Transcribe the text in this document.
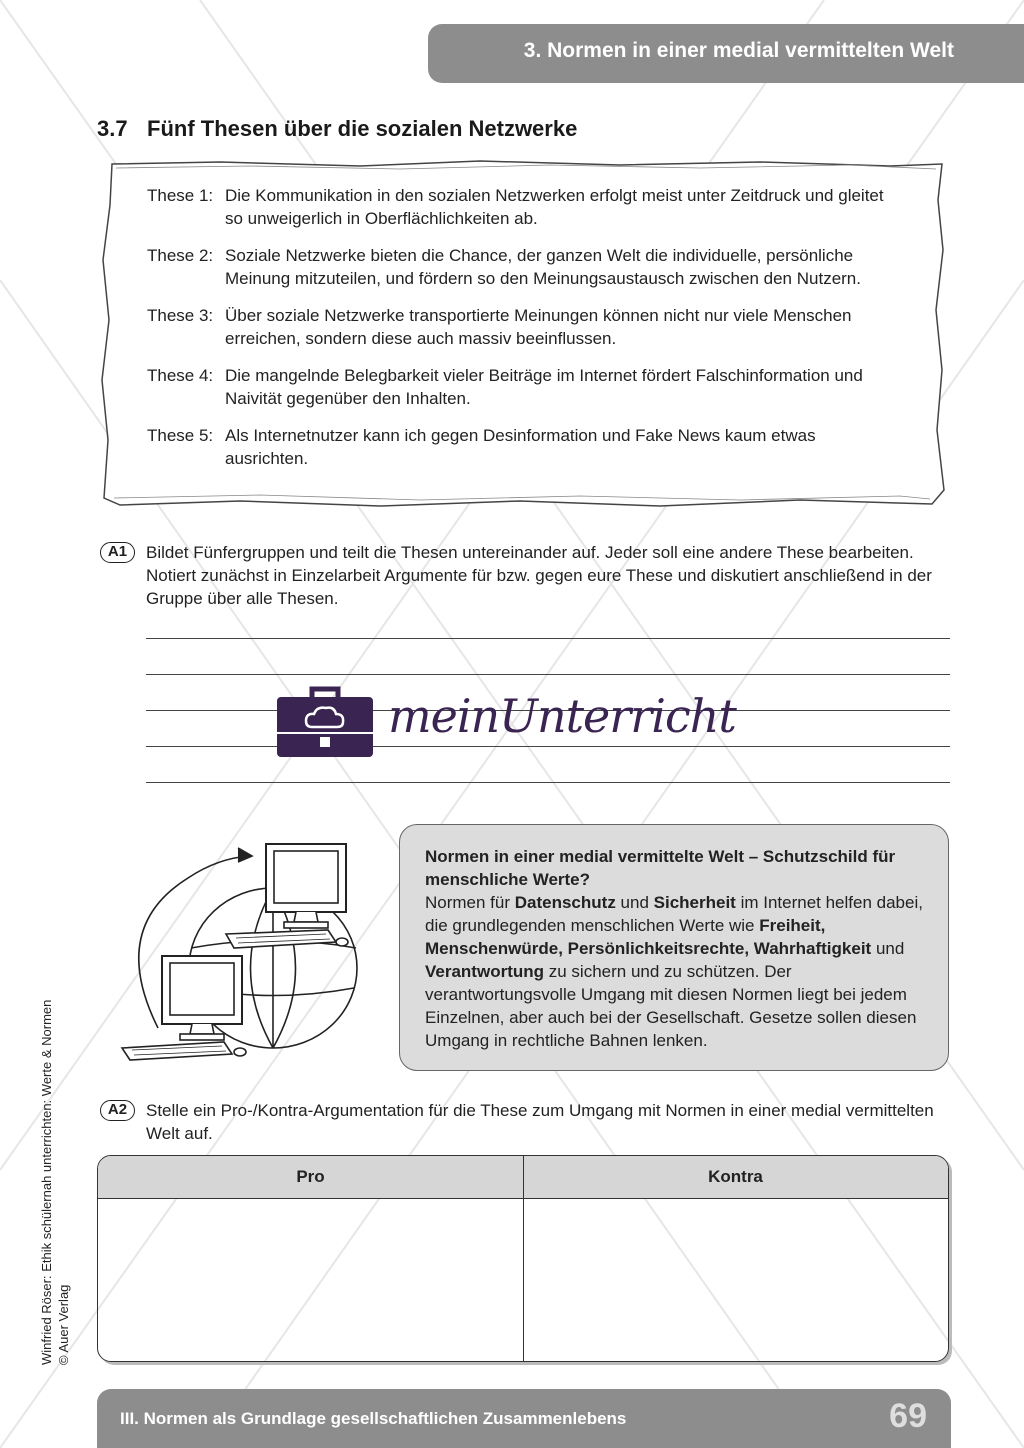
3. Normen in einer medial vermittelten Welt
3.7 Fünf Thesen über die sozialen Netzwerke
These 1: Die Kommunikation in den sozialen Netzwerken erfolgt meist unter Zeitdruck und gleitet so unweigerlich in Oberflächlichkeiten ab.
These 2: Soziale Netzwerke bieten die Chance, der ganzen Welt die individuelle, persönliche Meinung mitzuteilen, und fördern so den Meinungsaustausch zwischen den Nutzern.
These 3: Über soziale Netzwerke transportierte Meinungen können nicht nur viele Menschen erreichen, sondern diese auch massiv beeinflussen.
These 4: Die mangelnde Belegbarkeit vieler Beiträge im Internet fördert Falschinformation und Naivität gegenüber den Inhalten.
These 5: Als Internetnutzer kann ich gegen Desinformation und Fake News kaum etwas ausrichten.
A1	Bildet Fünfergruppen und teilt die Thesen untereinander auf. Jeder soll eine andere These bearbeiten. Notiert zunächst in Einzelarbeit Argumente für bzw. gegen eure These und diskutiert anschließend in der Gruppe über alle Thesen.
meinUnterricht
Normen in einer medial vermittelte Welt – Schutzschild für menschliche Werte?
Normen für Datenschutz und Sicherheit im Internet helfen dabei, die grundlegenden menschlichen Werte wie Freiheit, Menschenwürde, Persönlichkeitsrechte, Wahrhaftigkeit und Verantwortung zu sichern und zu schützen. Der verantwortungsvolle Umgang mit diesen Normen liegt bei jedem Einzelnen, aber auch bei der Gesellschaft. Gesetze sollen diesen Umgang in rechtliche Bahnen lenken.
A2	Stelle ein Pro-/Kontra-Argumentation für die These zum Umgang mit Normen in einer medial vermittelten Welt auf.
Pro	Kontra
Winfried Röser: Ethik schülernah unterrichten: Werte & Normen © Auer Verlag
III. Normen als Grundlage gesellschaftlichen Zusammenlebens	69
